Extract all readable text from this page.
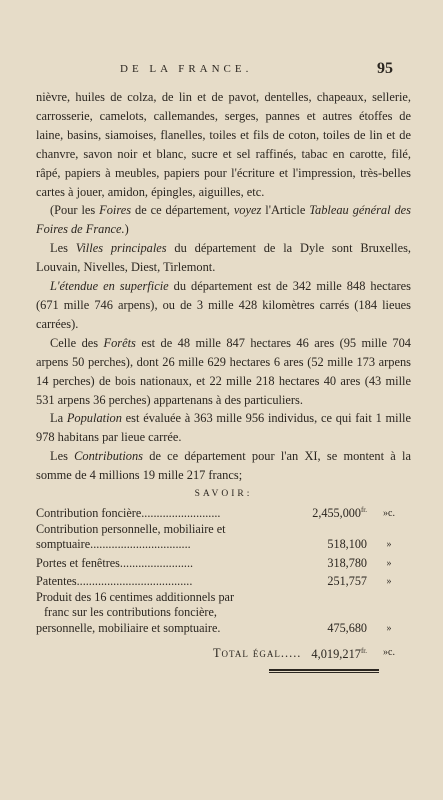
DE LA FRANCE.	95

nièvre, huiles de colza, de lin et de pavot, dentelles, chapeaux, sellerie, carrosserie, camelots, callemandes, serges, pannes et autres étoffes de laine, basins, siamoises, flanelles, toiles et fils de coton, toiles de lin et de chanvre, savon noir et blanc, sucre et sel raffinés, tabac en carotte, filé, râpé, papiers à meubles, papiers pour l'écriture et l'impression, très-belles cartes à jouer, amidon, épingles, aiguilles, etc.

(Pour les Foires de ce département, voyez l'Article Tableau général des Foires de France.)

Les Villes principales du département de la Dyle sont Bruxelles, Louvain, Nivelles, Diest, Tirlemont.

L'étendue en superficie du département est de 342 mille 848 hectares (671 mille 746 arpens), ou de 3 mille 428 kilomètres carrés (184 lieues carrées).

Celle des Forêts est de 48 mille 847 hectares 46 ares (95 mille 704 arpens 50 perches), dont 26 mille 629 hectares 6 ares (52 mille 173 arpens 14 perches) de bois nationaux, et 22 mille 218 hectares 40 ares (43 mille 531 arpens 36 perches) appartenans à des particuliers.

La Population est évaluée à 363 mille 956 individus, ce qui fait 1 mille 978 habitans par lieue carrée.

Les Contributions de ce département pour l'an XI, se montent à la somme de 4 millions 19 mille 217 francs;

SAVOIR:
Contribution foncière..........................	$2,455,000^{fr.}$	»c.
Contribution personnelle, mobiliaire et
somptuaire.................................	518,100	»
Portes et fenêtres........................	318,780	»
Patentes......................................	251,757	»
Produit des 16 centimes additionnels par
franc sur les contributions foncière,
personnelle, mobiliaire et somptuaire.	475,680	»
Total égal..... $4,019,217^{fr.}$	»c.
